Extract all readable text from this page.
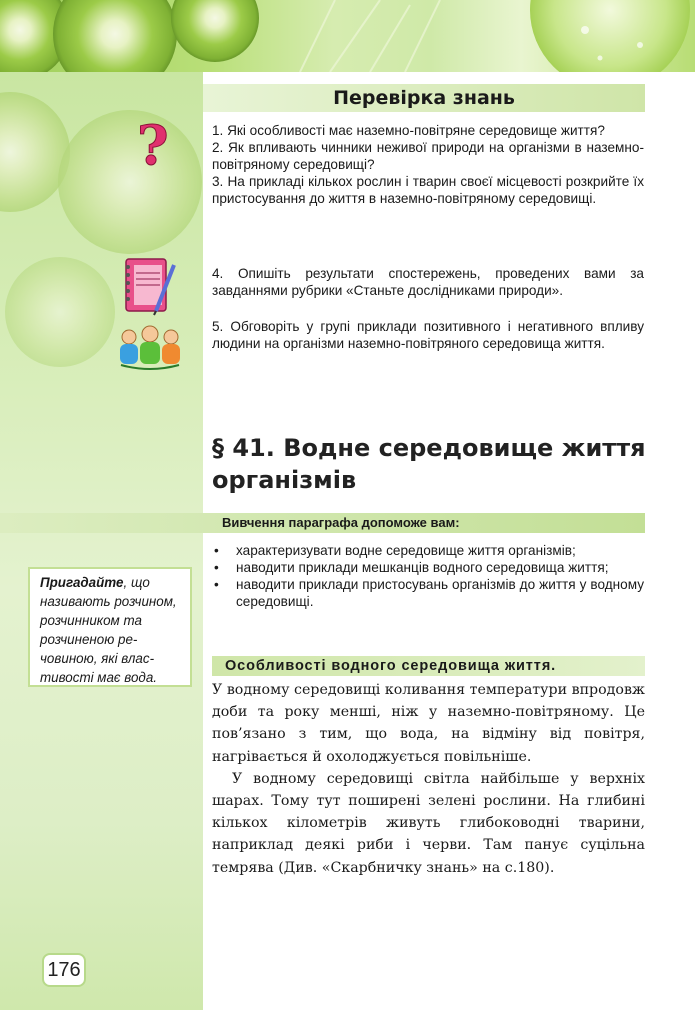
Перевірка знань
?	1. Які особливості має наземно-повітряне середовище життя?

2. Як впливають чинники неживої природи на організми в наземно-повітряному середовищі?

3. На прикладі кількох рослин і тварин своєї місцевості розкрийте їх пристосування до життя в наземно-повітряному середовищі.

4. Опишіть результати спостережень, проведених вами за завданнями рубрики «Станьте дослідниками природи».

5. Обговоріть у групі приклади позитивного і негативного впливу людини на організми наземно-повітряного середовища життя.

§ 41. Водне середовище життя організмів
Вивчення параграфа допоможе вам:
• характеризувати водне середовище життя організмів;
• наводити приклади мешканців водного середовища життя;
• наводити приклади пристосувань організмів до життя у водному середовищі.
Пригадайте, що називають розчином, розчинником та розчиненою речовиною, які властивості має вода.
Особливості водного середовища життя.

У водному середовищі коливання температури впродовж доби та року менші, ніж у наземно-повітряному. Це пов’язано з тим, що вода, на відміну від повітря, нагрівається й охолоджується повільніше.

У водному середовищі світла найбільше у верхніх шарах. Тому тут поширені зелені рослини. На глибині кількох кілометрів живуть глибоководні тварини, наприклад деякі риби і черви. Там панує суцільна темрява (Див. «Скарбничку знань» на с.180).

176
